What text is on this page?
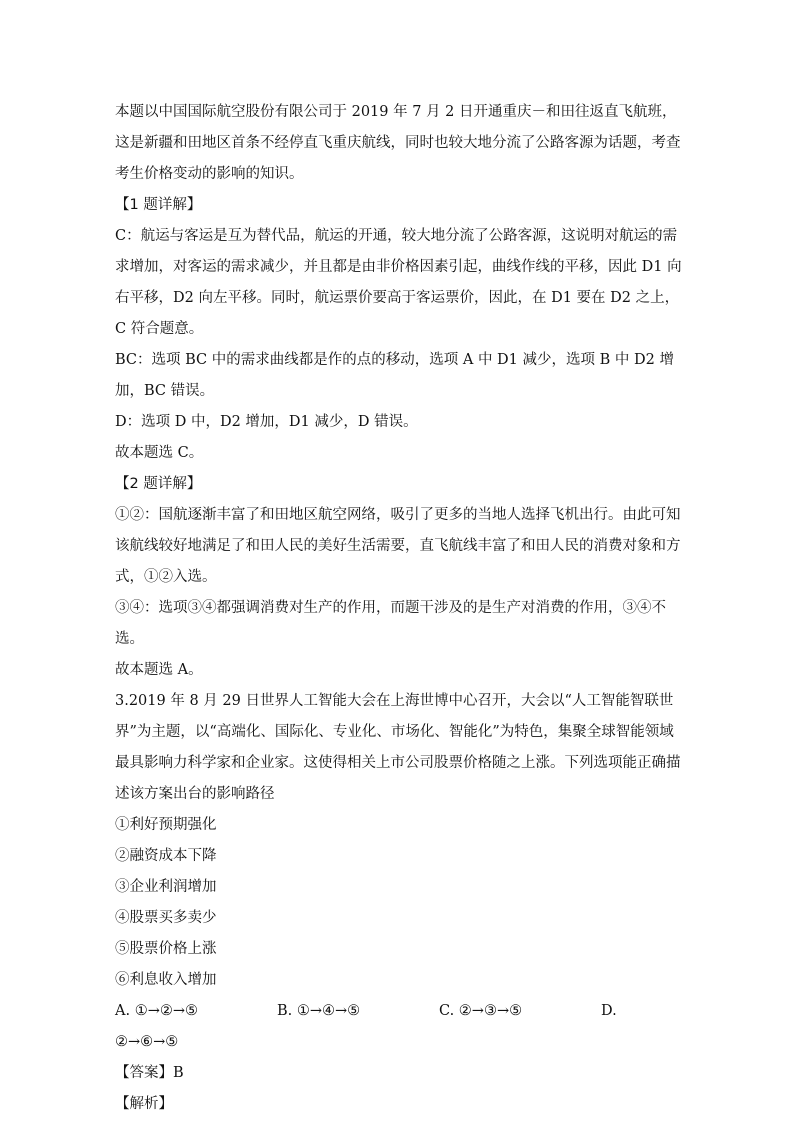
本题以中国国际航空股份有限公司于 2019 年 7 月 2 日开通重庆－和田往返直飞航班，这是新疆和田地区首条不经停直飞重庆航线，同时也较大地分流了公路客源为话题，考查考生价格变动的影响的知识。

【1 题详解】

C：航运与客运是互为替代品，航运的开通，较大地分流了公路客源，这说明对航运的需求增加，对客运的需求减少，并且都是由非价格因素引起，曲线作线的平移，因此 D1 向右平移，D2 向左平移。同时，航运票价要高于客运票价，因此，在 D1 要在 D2 之上，C 符合题意。

BC：选项 BC 中的需求曲线都是作的点的移动，选项 A 中 D1 减少，选项 B 中 D2 增加，BC 错误。

D：选项 D 中，D2 增加，D1 减少，D 错误。

故本题选 C。

【2 题详解】

①②：国航逐渐丰富了和田地区航空网络，吸引了更多的当地人选择飞机出行。由此可知该航线较好地满足了和田人民的美好生活需要，直飞航线丰富了和田人民的消费对象和方式，①②入选。

③④：选项③④都强调消费对生产的作用，而题干涉及的是生产对消费的作用，③④不选。

故本题选 A。

3.2019 年 8 月 29 日世界人工智能大会在上海世博中心召开，大会以“人工智能智联世界”为主题，以“高端化、国际化、专业化、市场化、智能化”为特色，集聚全球智能领域最具影响力科学家和企业家。这使得相关上市公司股票价格随之上涨。下列选项能正确描述该方案出台的影响路径

①利好预期强化

②融资成本下降

③企业利润增加

④股票买多卖少

⑤股票价格上涨

⑥利息收入增加

A. ①→②→⑤	B. ①→④→⑤	C. ②→③→⑤	D.
②→⑥→⑤

【答案】B

【解析】
